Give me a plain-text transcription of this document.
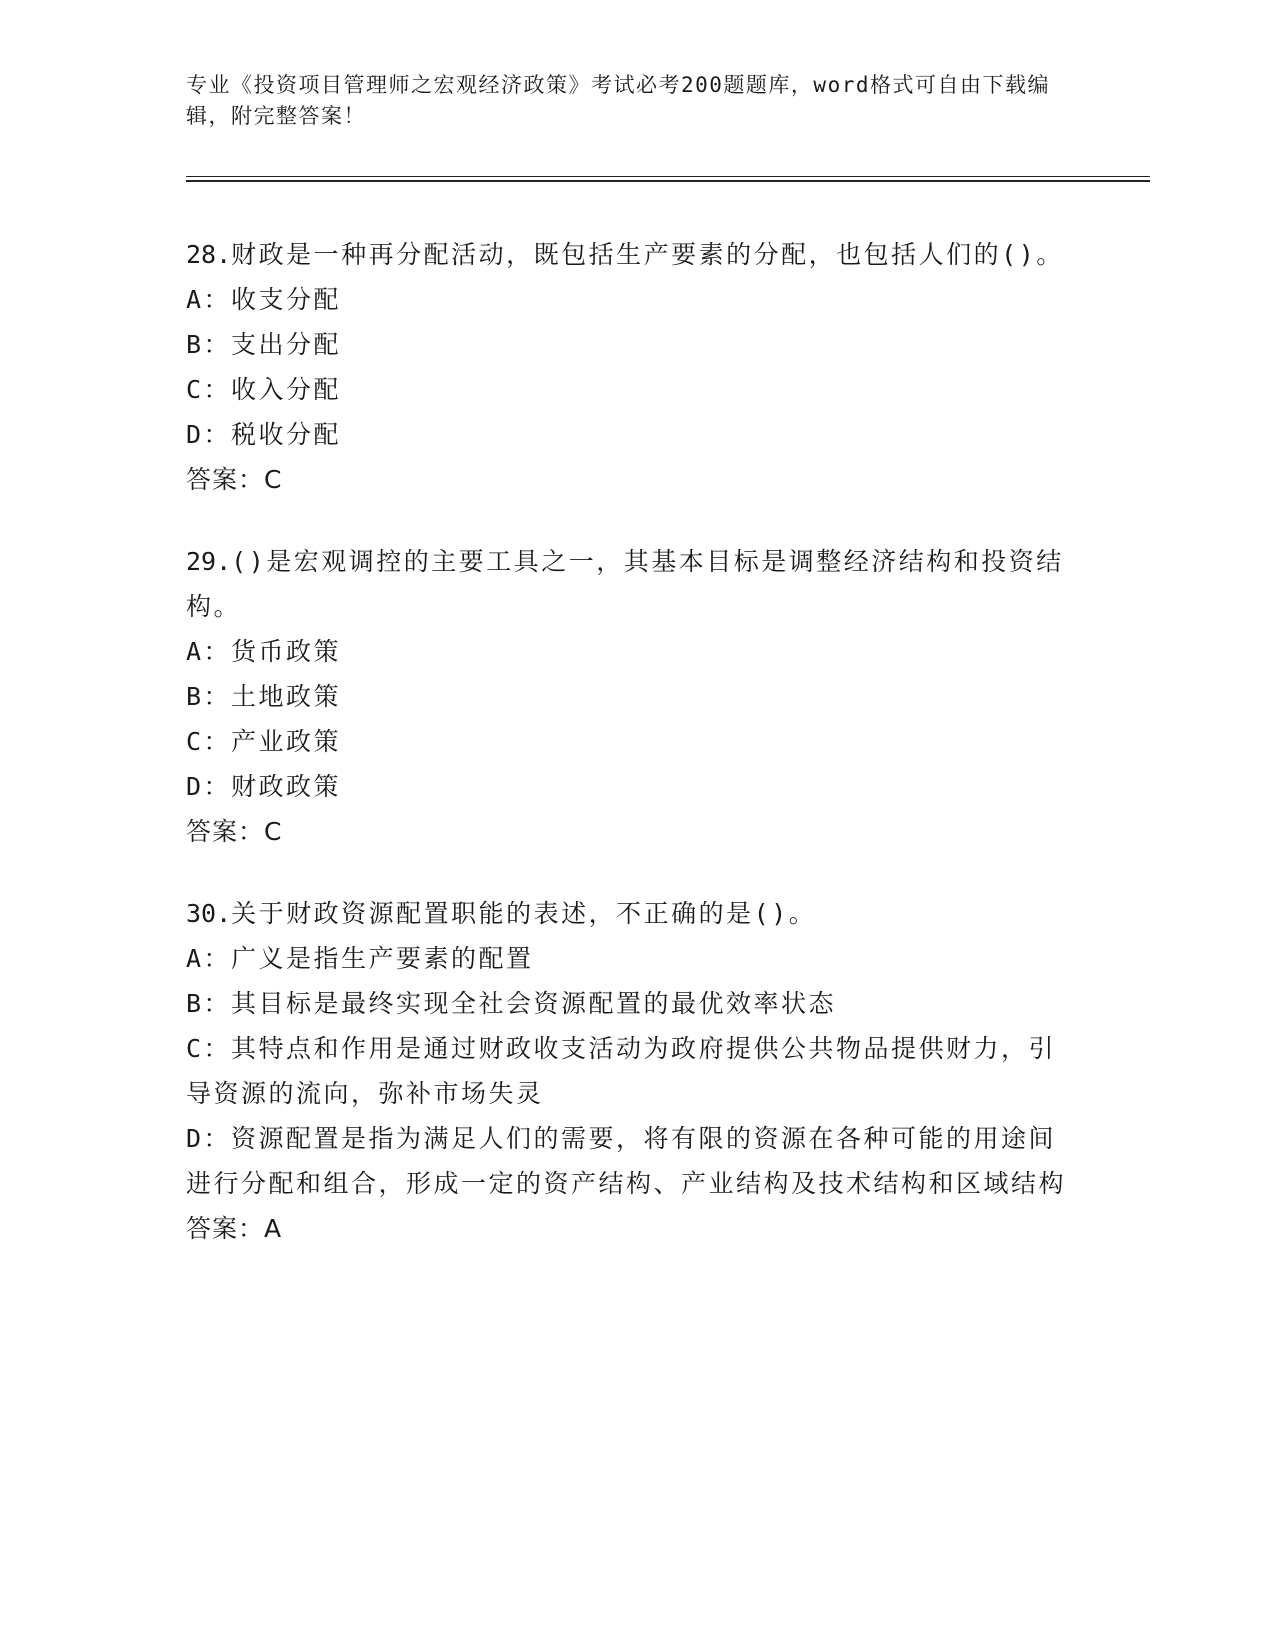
专业《投资项目管理师之宏观经济政策》考试必考200题题库，word格式可自由下载编辑，附完整答案！

28.财政是一种再分配活动，既包括生产要素的分配，也包括人们的()。

A：收支分配

B：支出分配

C：收入分配

D：税收分配

答案：C

29.()是宏观调控的主要工具之一，其基本目标是调整经济结构和投资结构。

A：货币政策

B：土地政策

C：产业政策

D：财政政策

答案：C

30.关于财政资源配置职能的表述，不正确的是()。

A：广义是指生产要素的配置

B：其目标是最终实现全社会资源配置的最优效率状态

C：其特点和作用是通过财政收支活动为政府提供公共物品提供财力，引导资源的流向，弥补市场失灵

D：资源配置是指为满足人们的需要，将有限的资源在各种可能的用途间进行分配和组合，形成一定的资产结构、产业结构及技术结构和区域结构

答案：A
